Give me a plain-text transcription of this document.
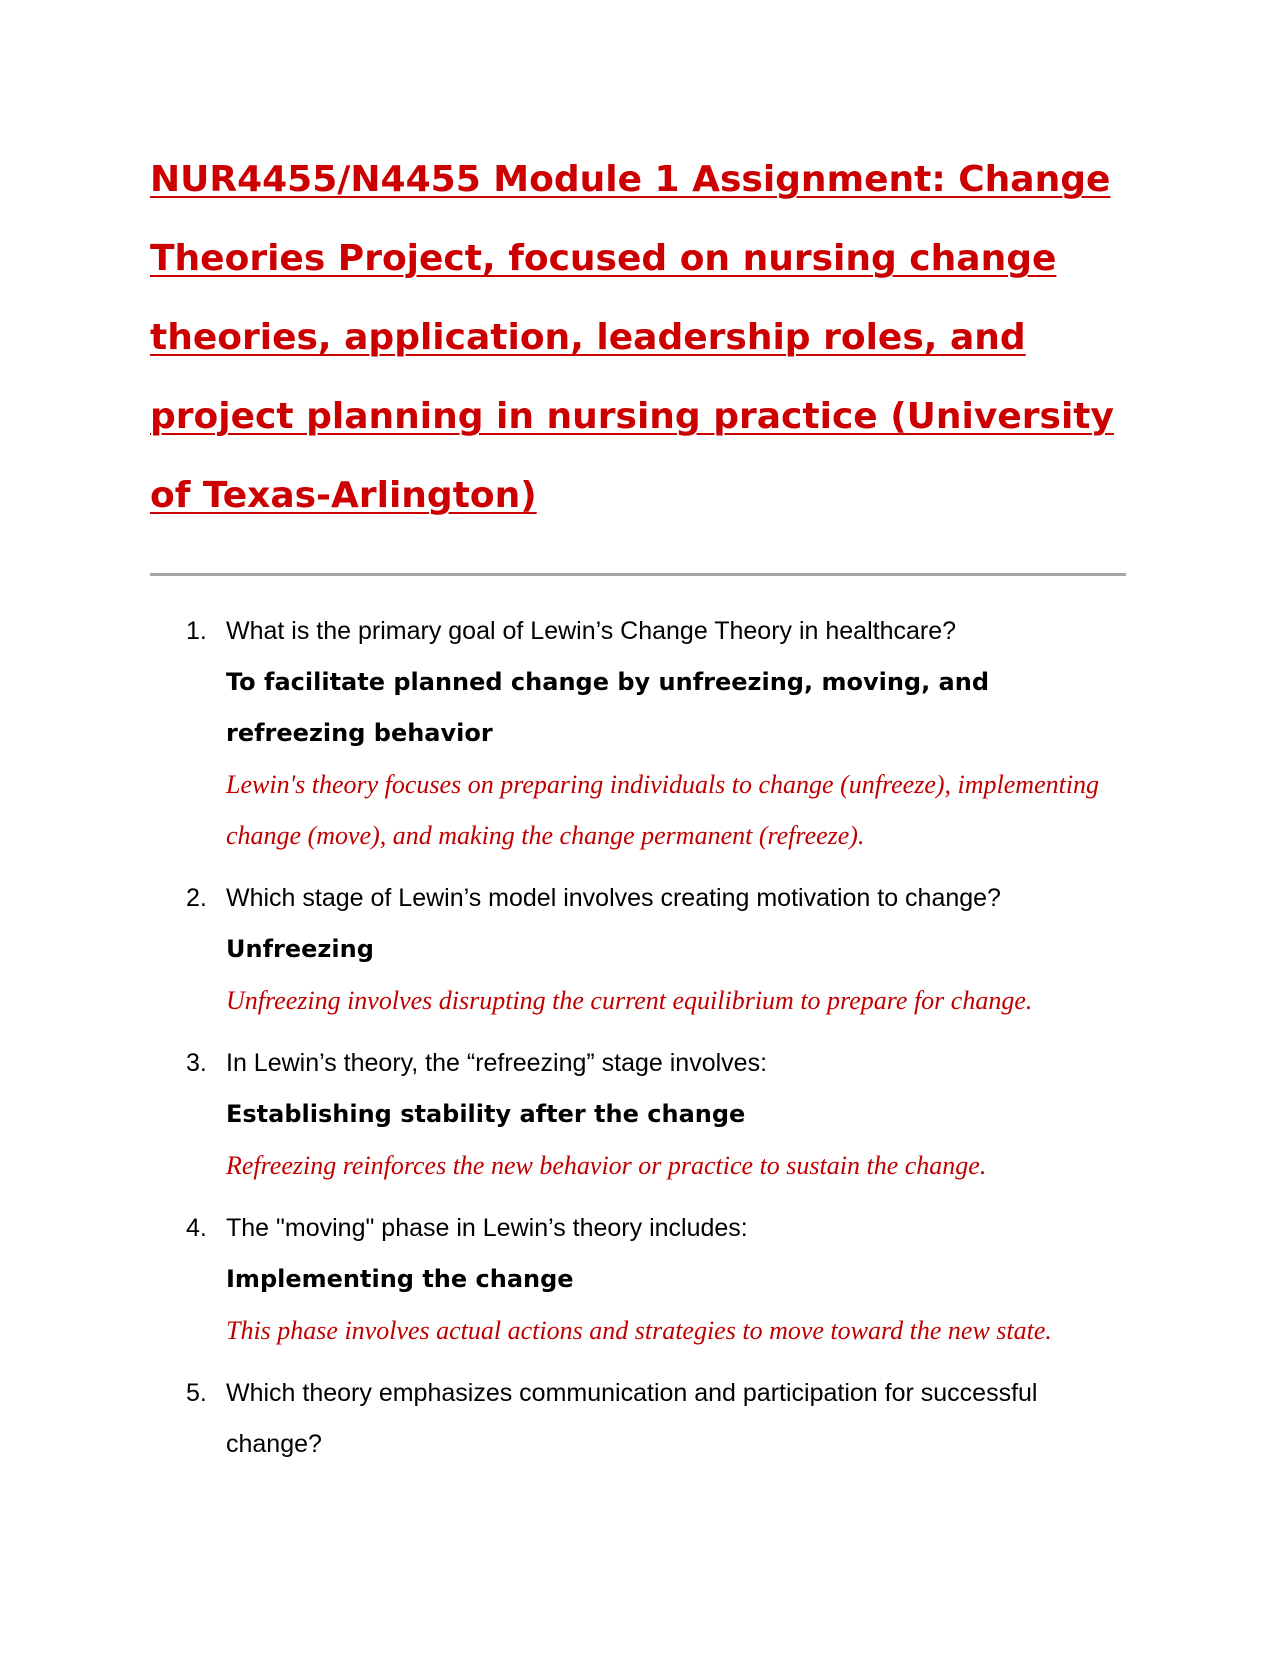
NUR4455/N4455 Module 1 Assignment: Change Theories Project, focused on nursing change theories, application, leadership roles, and project planning in nursing practice (University of Texas-Arlington)
1. What is the primary goal of Lewin’s Change Theory in healthcare?
To facilitate planned change by unfreezing, moving, and refreezing behavior
Lewin's theory focuses on preparing individuals to change (unfreeze), implementing change (move), and making the change permanent (refreeze).
2. Which stage of Lewin’s model involves creating motivation to change?
Unfreezing
Unfreezing involves disrupting the current equilibrium to prepare for change.
3. In Lewin’s theory, the “refreezing” stage involves:
Establishing stability after the change
Refreezing reinforces the new behavior or practice to sustain the change.
4. The "moving" phase in Lewin’s theory includes:
Implementing the change
This phase involves actual actions and strategies to move toward the new state.
5. Which theory emphasizes communication and participation for successful change?
